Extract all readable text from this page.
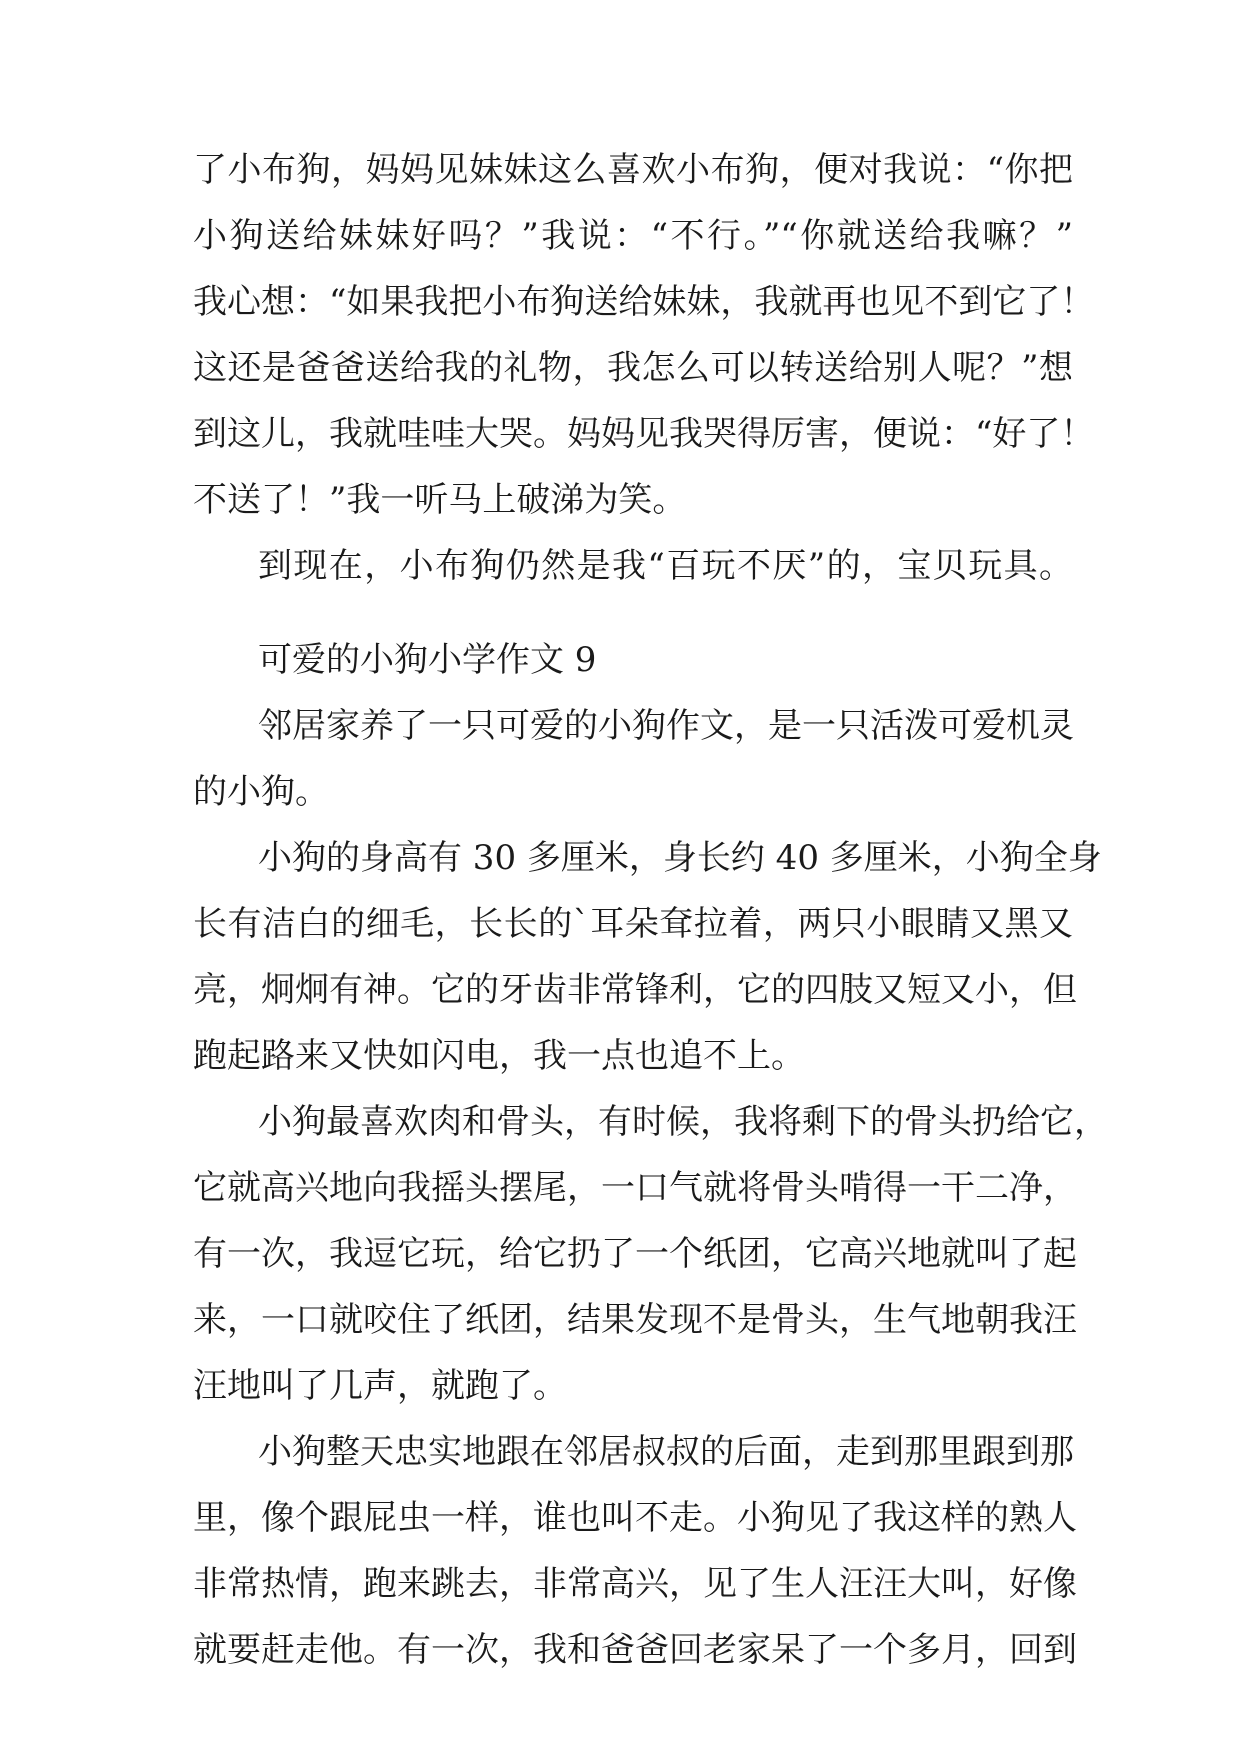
了小布狗，妈妈见妹妹这么喜欢小布狗，便对我说：“你把
小狗送给妹妹好吗？”我说：“不行。”“你就送给我嘛？”
我心想：“如果我把小布狗送给妹妹，我就再也见不到它了！
这还是爸爸送给我的礼物，我怎么可以转送给别人呢？”想
到这儿，我就哇哇大哭。妈妈见我哭得厉害，便说：“好了！
不送了！”我一听马上破涕为笑。
到现在，小布狗仍然是我“百玩不厌”的，宝贝玩具。
可爱的小狗小学作文 9
邻居家养了一只可爱的小狗作文，是一只活泼可爱机灵
的小狗。
小狗的身高有 30 多厘米，身长约 40 多厘米，小狗全身
长有洁白的细毛，长长的`耳朵耷拉着，两只小眼睛又黑又
亮，炯炯有神。它的牙齿非常锋利，它的四肢又短又小，但
跑起路来又快如闪电，我一点也追不上。
小狗最喜欢肉和骨头，有时候，我将剩下的骨头扔给它，
它就高兴地向我摇头摆尾，一口气就将骨头啃得一干二净，
有一次，我逗它玩，给它扔了一个纸团，它高兴地就叫了起
来，一口就咬住了纸团，结果发现不是骨头，生气地朝我汪
汪地叫了几声，就跑了。
小狗整天忠实地跟在邻居叔叔的后面，走到那里跟到那
里，像个跟屁虫一样，谁也叫不走。小狗见了我这样的熟人
非常热情，跑来跳去，非常高兴，见了生人汪汪大叫，好像
就要赶走他。有一次，我和爸爸回老家呆了一个多月，回到
